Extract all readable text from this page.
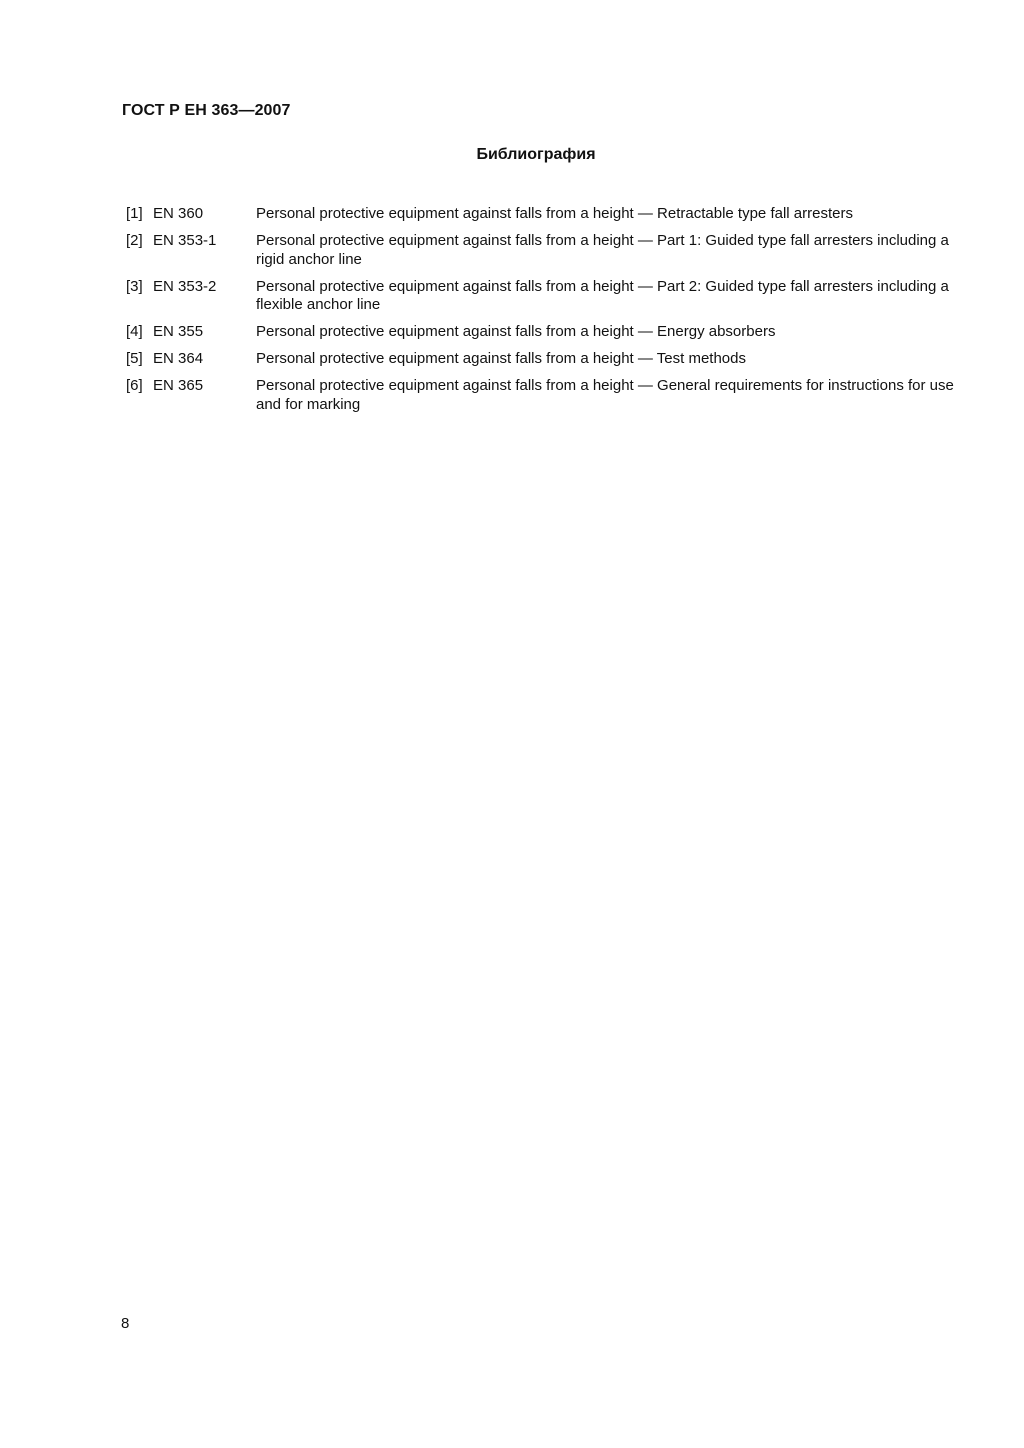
ГОСТ Р ЕН 363—2007
Библиография
[1] EN 360	Personal protective equipment against falls from a height — Retractable type fall arresters
[2] EN 353-1	Personal protective equipment against falls from a height — Part 1: Guided type fall arresters including a rigid anchor line
[3] EN 353-2	Personal protective equipment against falls from a height — Part 2: Guided type fall arresters including a flexible anchor line
[4] EN 355	Personal protective equipment against falls from a height — Energy absorbers
[5] EN 364	Personal protective equipment against falls from a height — Test methods
[6] EN 365	Personal protective equipment against falls from a height — General requirements for instructions for use and for marking
8
